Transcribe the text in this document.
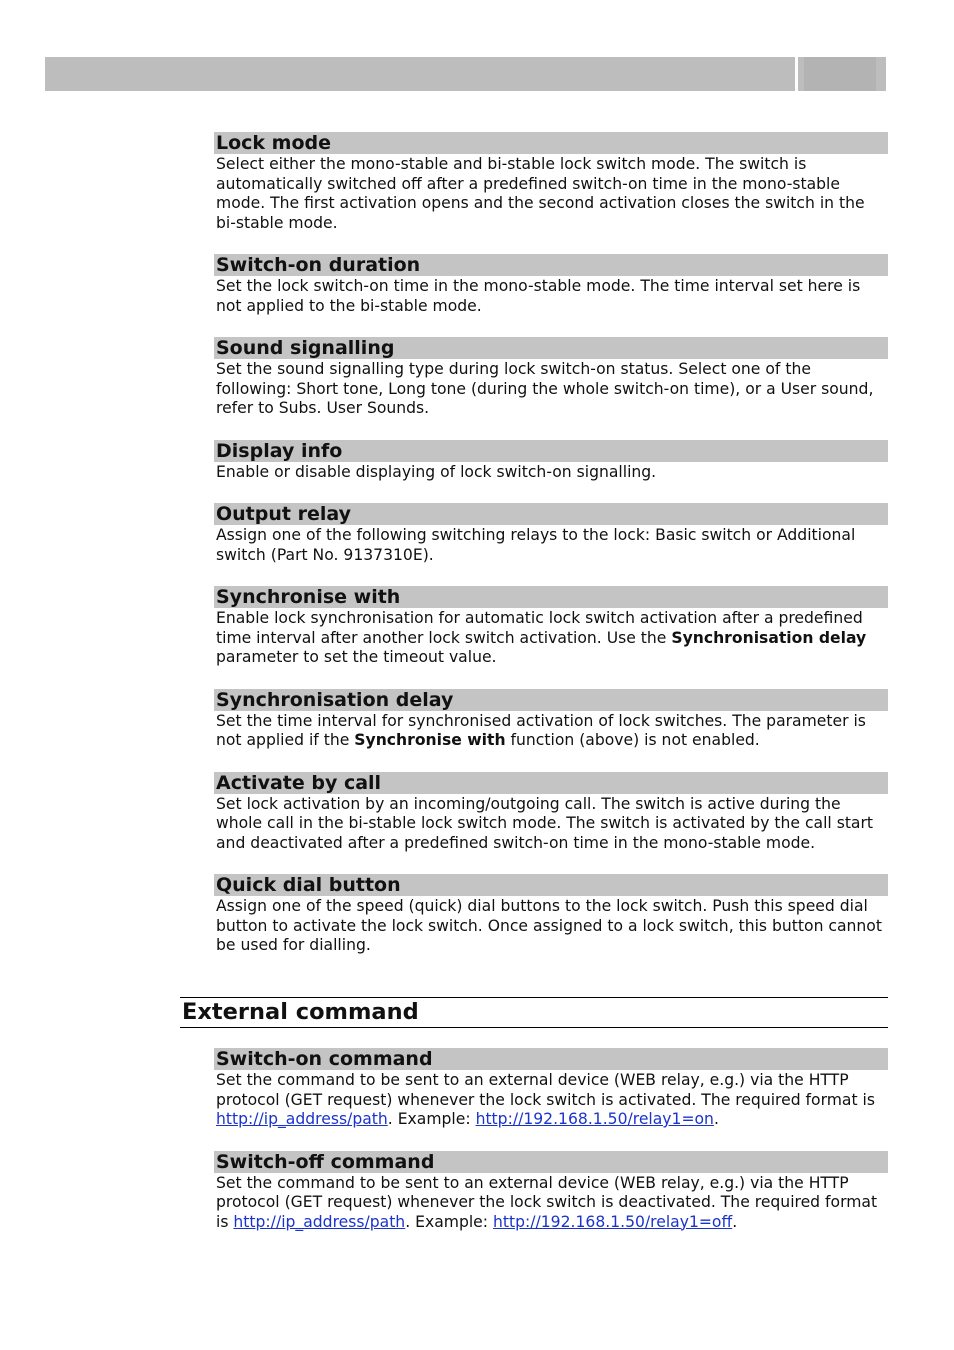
Lock mode

Select either the mono-stable and bi-stable lock switch mode. The switch is automatically switched off after a predefined switch-on time in the mono-stable mode. The first activation opens and the second activation closes the switch in the bi-stable mode.

Switch-on duration

Set the lock switch-on time in the mono-stable mode. The time interval set here is not applied to the bi-stable mode.

Sound signalling

Set the sound signalling type during lock switch-on status. Select one of the following: Short tone, Long tone (during the whole switch-on time), or a User sound, refer to Subs. User Sounds.

Display info

Enable or disable displaying of lock switch-on signalling.

Output relay

Assign one of the following switching relays to the lock: Basic switch or Additional switch (Part No. 9137310E).

Synchronise with

Enable lock synchronisation for automatic lock switch activation after a predefined time interval after another lock switch activation. Use the Synchronisation delay parameter to set the timeout value.

Synchronisation delay

Set the time interval for synchronised activation of lock switches. The parameter is not applied if the Synchronise with function (above) is not enabled.

Activate by call

Set lock activation by an incoming/outgoing call. The switch is active during the whole call in the bi-stable lock switch mode. The switch is activated by the call start and deactivated after a predefined switch-on time in the mono-stable mode.

Quick dial button

Assign one of the speed (quick) dial buttons to the lock switch. Push this speed dial button to activate the lock switch. Once assigned to a lock switch, this button cannot be used for dialling.

External command
Switch-on command

Set the command to be sent to an external device (WEB relay, e.g.) via the HTTP protocol (GET request) whenever the lock switch is activated. The required format is http://ip_address/path. Example: http://192.168.1.50/relay1=on.

Switch-off command

Set the command to be sent to an external device (WEB relay, e.g.) via the HTTP protocol (GET request) whenever the lock switch is deactivated. The required format is http://ip_address/path. Example: http://192.168.1.50/relay1=off.
